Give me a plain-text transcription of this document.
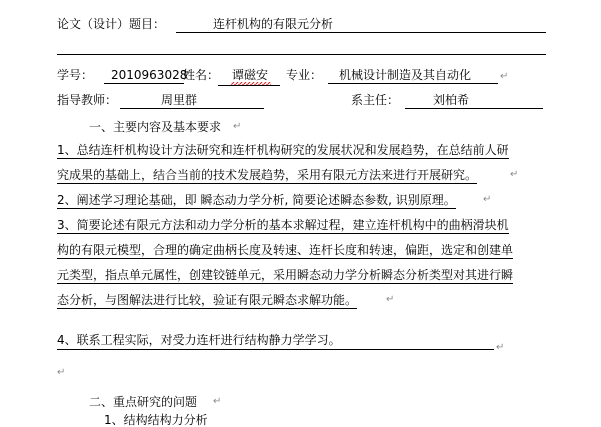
论文（设计）题目：	连杆机构的有限元分析
学号： 2010963028
姓名： 谭磁安 专业： 机械设计制造及其自动化	↵
指导教师：	周里群	系主任：	刘柏希
一、主要内容及基本要求 ↵
1、总结连杆机构设计方法研究和连杆机构研究的发展状况和发展趋势，在总结前人研
究成果的基础上，结合当前的技术发展趋势，采用有限元方法来进行开展研究。	↵
2、阐述学习理论基础，即 瞬态动力学分析, 简要论述瞬态参数, 识别原理。	↵
3、简要论述有限元方法和动力学分析的基本求解过程，建立连杆机构中的曲柄滑块机
构的有限元模型，合理的确定曲柄长度及转速、连杆长度和转速，偏距，选定和创建单
元类型，指点单元属性，创建铰链单元，采用瞬态动力学分析瞬态分析类型对其进行瞬
态分析，与图解法进行比较，验证有限元瞬态求解功能。	↵
4、联系工程实际，对受力连杆进行结构静力学学习。
↵
↵
二、重点研究的问题 ↵
1、结构结构力分析
